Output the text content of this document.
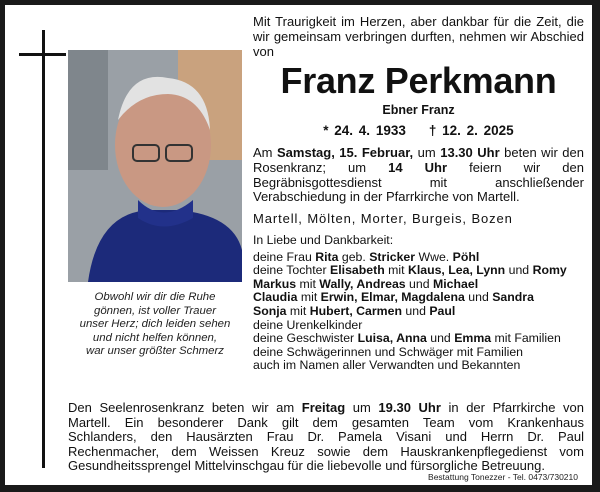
Obwohl wir dir die Ruhe
gönnen, ist voller Trauer
unser Herz; dich leiden sehen
und nicht helfen können,
war unser größter Schmerz
Mit Traurigkeit im Herzen, aber dankbar für die Zeit, die wir gemeinsam verbringen durften, nehmen wir Abschied von
Franz Perkmann
Ebner Franz
* 24. 4. 1933 † 12. 2. 2025
Am Samstag, 15. Februar, um 13.30 Uhr beten wir den Rosenkranz; um 14 Uhr feiern wir den Begräbnisgottesdienst mit anschließender Verabschiedung in der Pfarrkirche von Martell.
Martell, Mölten, Morter, Burgeis, Bozen
In Liebe und Dankbarkeit:
deine Frau Rita geb. Stricker Wwe. Pöhl
deine Tochter Elisabeth mit Klaus, Lea, Lynn und Romy
Markus mit Wally, Andreas und Michael
Claudia mit Erwin, Elmar, Magdalena und Sandra
Sonja mit Hubert, Carmen und Paul
deine Urenkelkinder
deine Geschwister Luisa, Anna und Emma mit Familien
deine Schwägerinnen und Schwäger mit Familien
auch im Namen aller Verwandten und Bekannten
Den Seelenrosenkranz beten wir am Freitag um 19.30 Uhr in der Pfarrkirche von
Martell. Ein besonderer Dank gilt dem gesamten Team vom Krankenhaus
Schlanders, den Hausärzten Frau Dr. Pamela Visani und Herrn Dr. Paul
Rechenmacher, dem Weissen Kreuz sowie dem Hauskrankenpflegedienst vom
Gesundheitssprengel Mittelvinschgau für die liebevolle und fürsorgliche Betreuung.
Bestattung Tonezzer - Tel. 0473/730210
